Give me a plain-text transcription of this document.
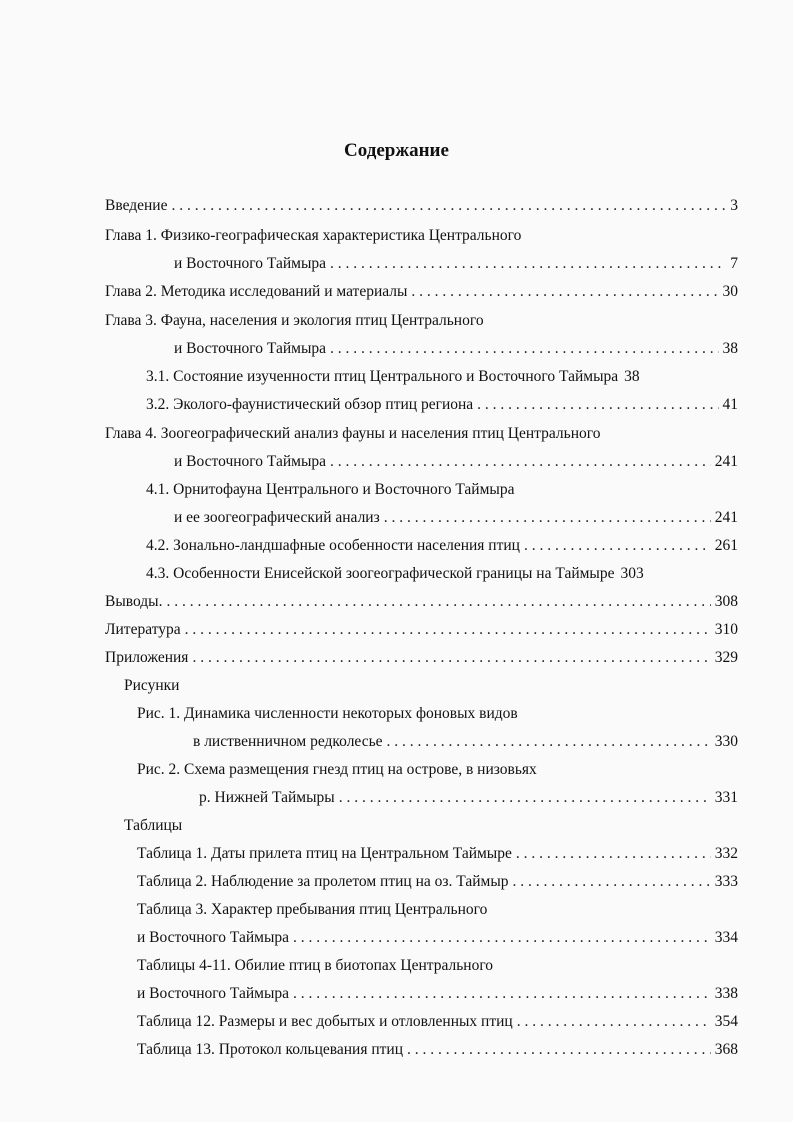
Содержание
Введение . . .	3
Глава 1. Физико-географическая характеристика Центрального
и Восточного Таймыра . . .	7
Глава 2. Методика исследований и материалы . . .	30
Глава 3. Фауна, населения и экология птиц Центрального
и Восточного Таймыра . . .	38
3.1. Состояние изученности птиц Центрального и Восточного Таймыра 38
3.2. Эколого-фаунистический обзор птиц региона . . .	41
Глава 4. Зоогеографический анализ фауны и населения птиц Центрального
и Восточного Таймыра . . .	241
4.1. Орнитофауна Центрального и Восточного Таймыра
и ее зоогеографический анализ . . .	241
4.2. Зонально-ландшафные особенности населения птиц . . .	261
4.3. Особенности Енисейской зоогеографической границы на Таймыре 303
Выводы. . . .	308
Литература . . .	310
Приложения . . .	329
Рисунки
Рис. 1. Динамика численности некоторых фоновых видов
в лиственничном редколесье . . .	330
Рис. 2. Схема размещения гнезд птиц на острове, в низовьях
р. Нижней Таймыры . . .	331
Таблицы
Таблица 1. Даты прилета птиц на Центральном Таймыре . . .	332
Таблица 2. Наблюдение за пролетом птиц на оз. Таймыр . . .	333
Таблица 3. Характер пребывания птиц Центрального
и Восточного Таймыра . . .	334
Таблицы 4-11. Обилие птиц в биотопах Центрального
и Восточного Таймыра . . .	338
Таблица 12. Размеры и вес добытых и отловленных птиц . . .	354
Таблица 13. Протокол кольцевания птиц . . .	368
